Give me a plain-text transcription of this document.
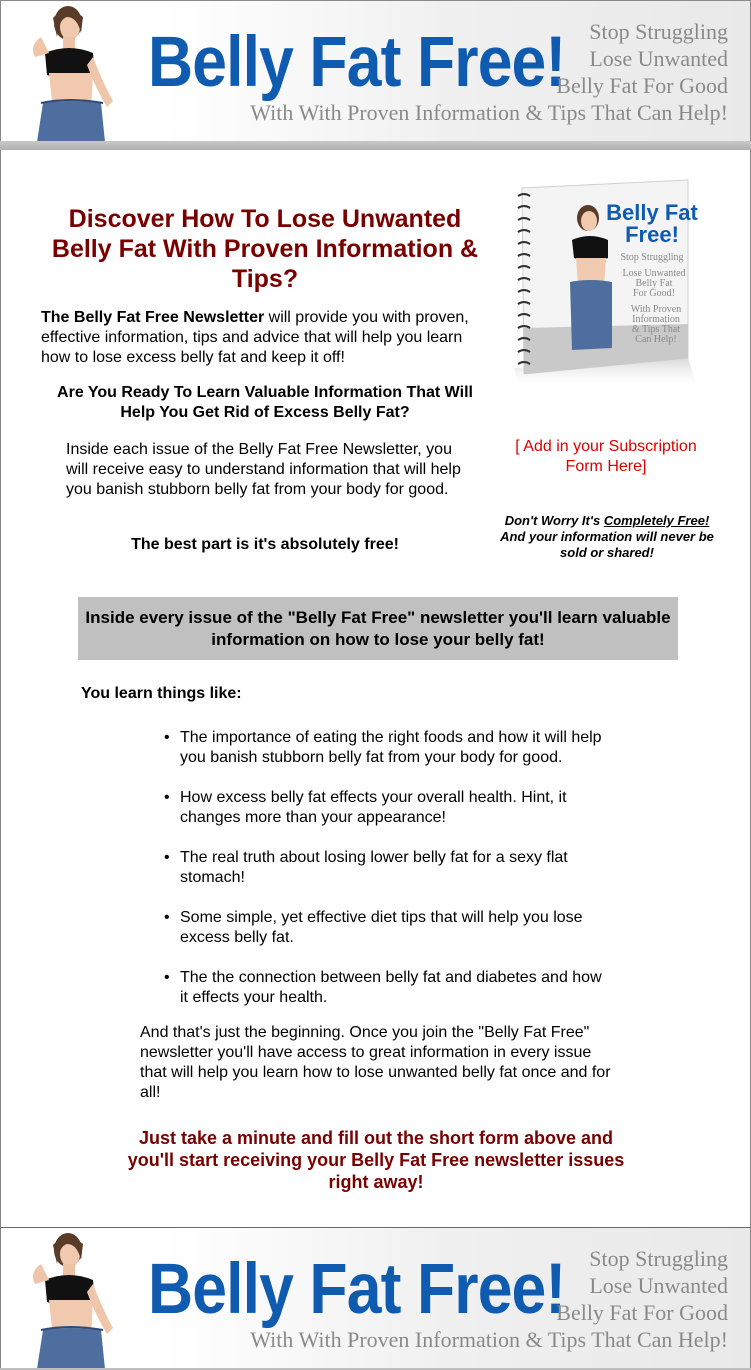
Belly Fat Free!	Stop Struggling
Lose Unwanted
Belly Fat For Good
With With Proven Information & Tips That Can Help!
Discover How To Lose Unwanted Belly Fat With Proven Information & Tips?
The Belly Fat Free Newsletter will provide you with proven, effective information, tips and advice that will help you learn how to lose excess belly fat and keep it off!
Are You Ready To Learn Valuable Information That Will Help You Get Rid of Excess Belly Fat?
Inside each issue of the Belly Fat Free Newsletter, you will receive easy to understand information that will help you banish stubborn belly fat from your body for good.
The best part is it's absolutely free!
Belly Fat
Free!
Stop Struggling
Lose Unwanted
Belly Fat
For Good!
With Proven
Information
& Tips That
Can Help!
[ Add in your Subscription Form Here]
Don't Worry It's Completely Free!
And your information will never be sold or shared!
Inside every issue of the "Belly Fat Free" newsletter you'll learn valuable information on how to lose your belly fat!
You learn things like:
• The importance of eating the right foods and how it will help you banish stubborn belly fat from your body for good.
• How excess belly fat effects your overall health. Hint, it changes more than your appearance!
• The real truth about losing lower belly fat for a sexy flat stomach!
• Some simple, yet effective diet tips that will help you lose excess belly fat.
• The the connection between belly fat and diabetes and how it effects your health.
And that's just the beginning. Once you join the "Belly Fat Free" newsletter you'll have access to great information in every issue that will help you learn how to lose unwanted belly fat once and for all!
Just take a minute and fill out the short form above and you'll start receiving your Belly Fat Free newsletter issues right away!
Belly Fat Free!	Stop Struggling
Lose Unwanted
Belly Fat For Good
With With Proven Information & Tips That Can Help!
